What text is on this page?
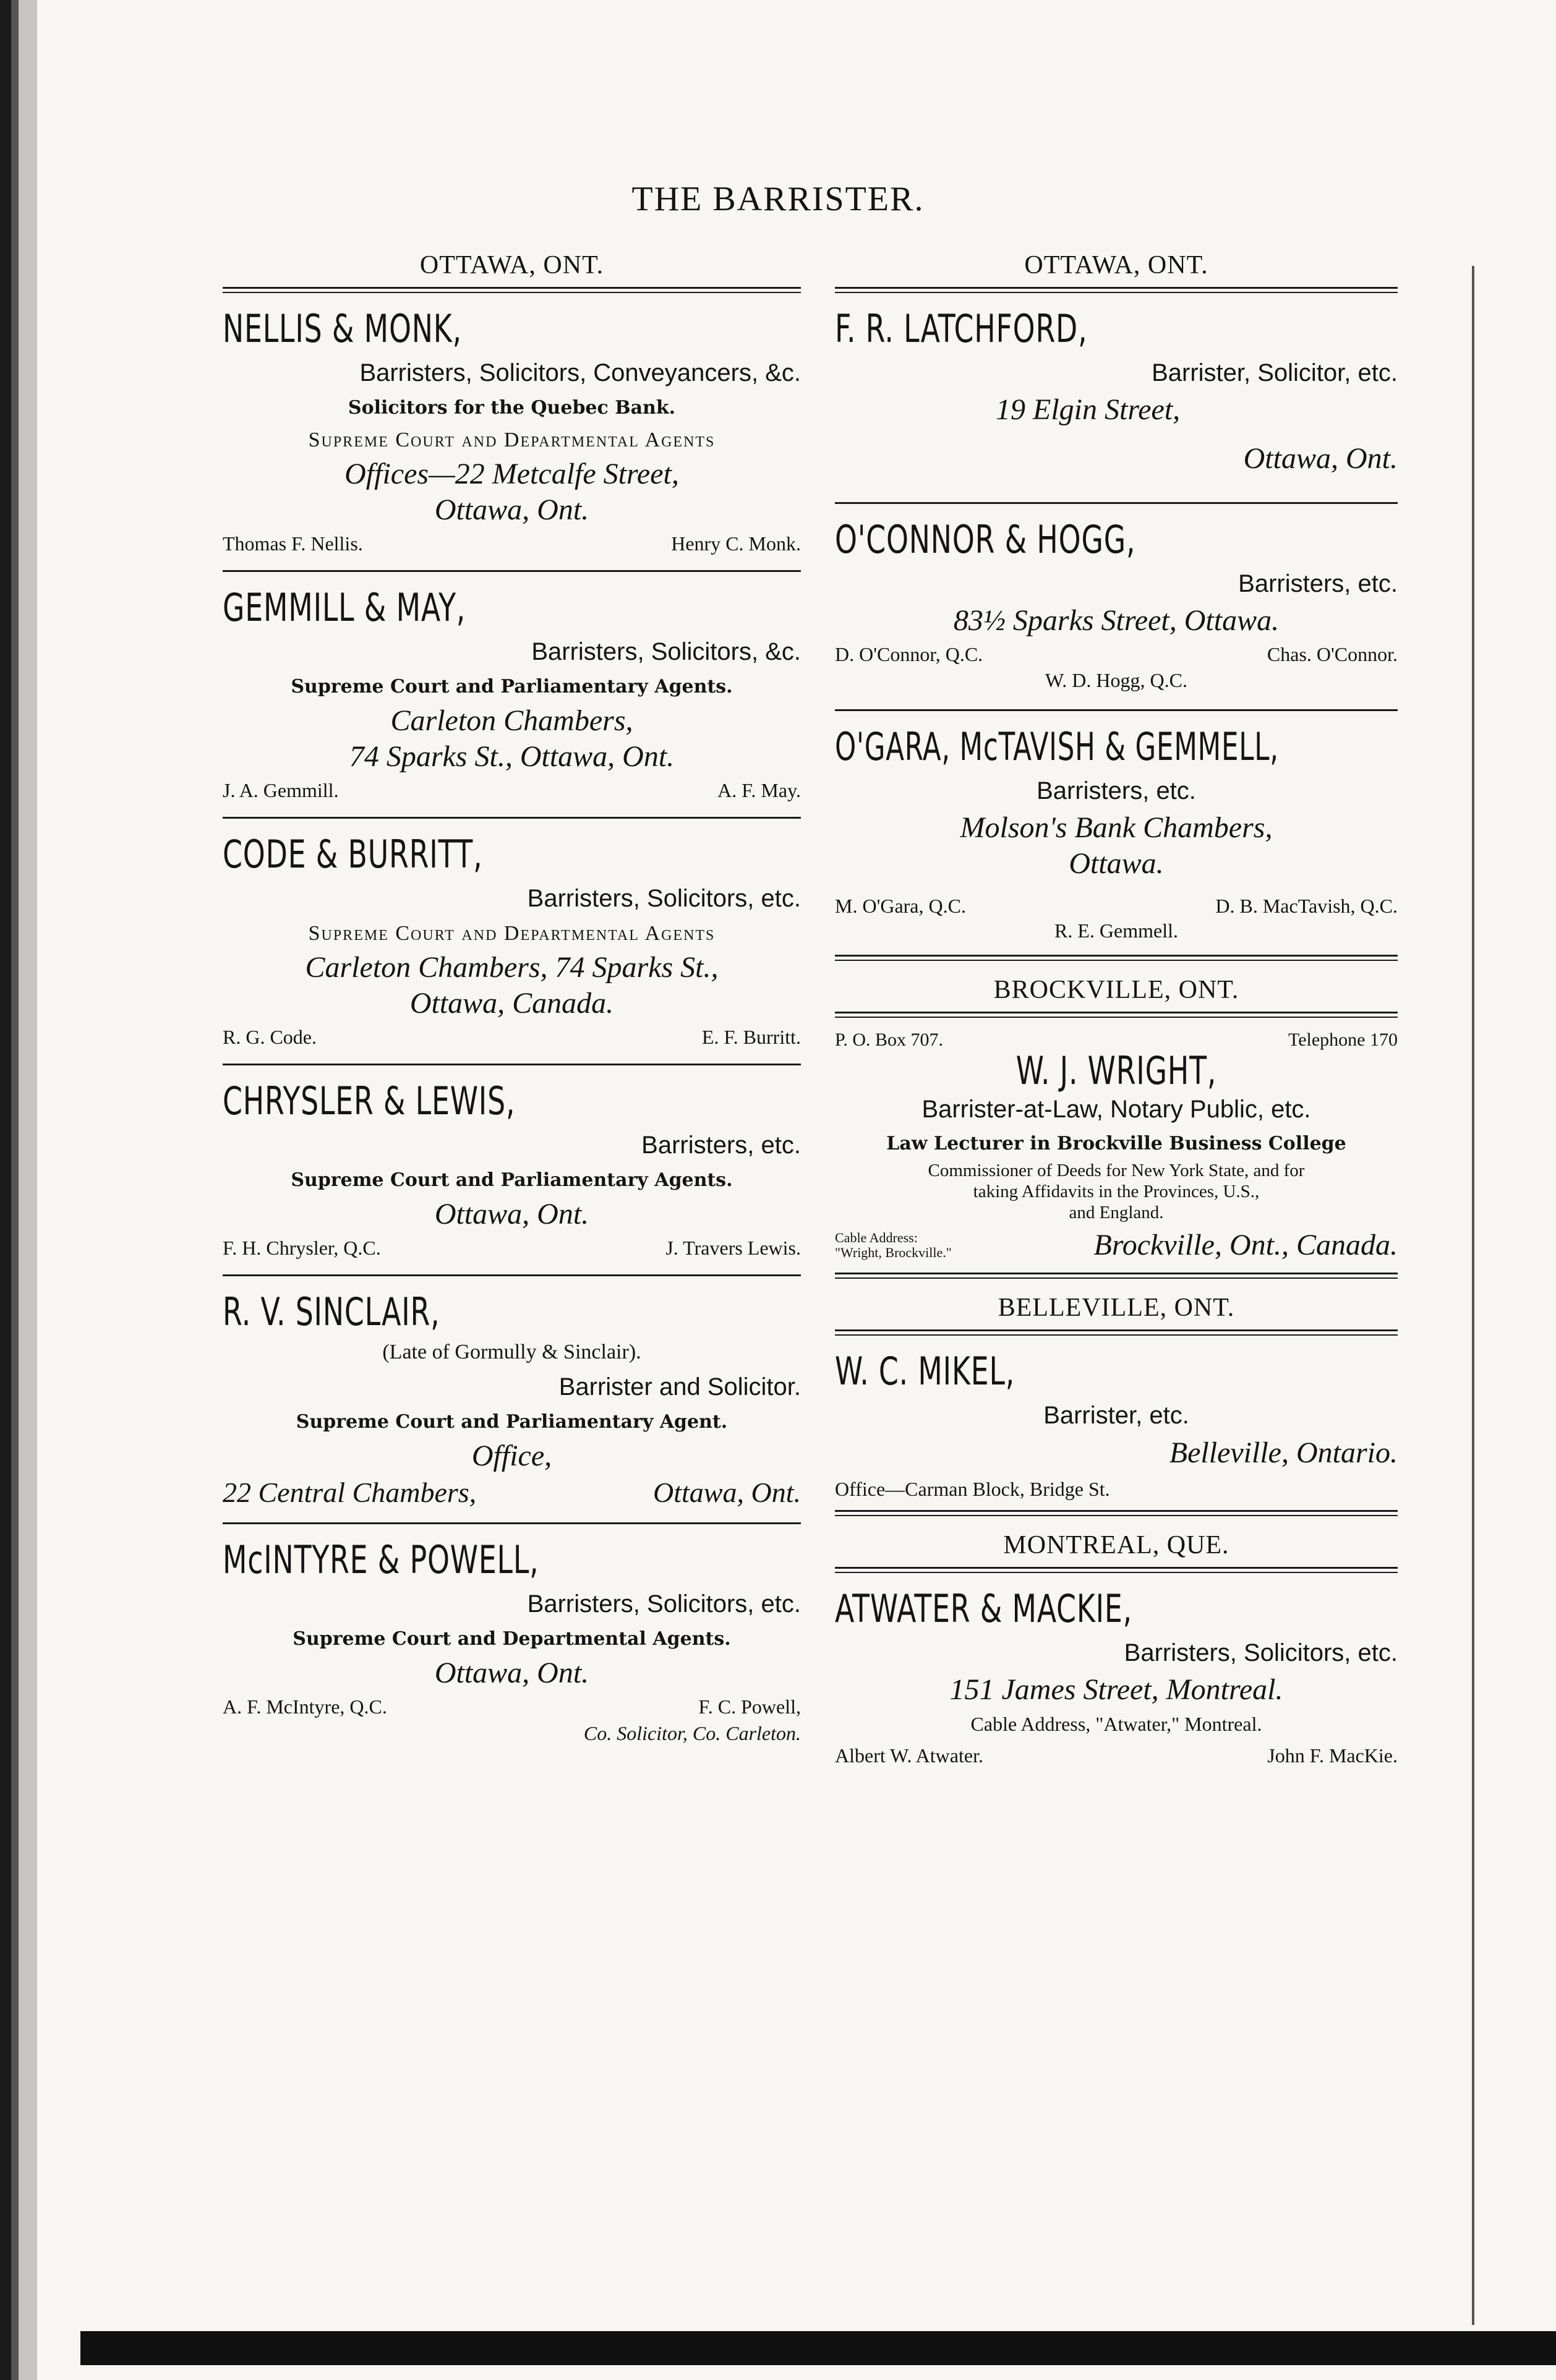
THE BARRISTER.
OTTAWA, ONT.
NELLIS & MONK,
Barristers, Solicitors, Conveyancers, &c.
Solicitors for the Quebec Bank.
Supreme Court and Departmental Agents
Offices—22 Metcalfe Street,
Ottawa, Ont.
Thomas F. Nellis.	Henry C. Monk.
GEMMILL & MAY,
Barristers, Solicitors, &c.
Supreme Court and Parliamentary Agents.
Carleton Chambers,
74 Sparks St., Ottawa, Ont.
J. A. Gemmill.	A. F. May.
CODE & BURRITT,
Barristers, Solicitors, etc.
Supreme Court and Departmental Agents
Carleton Chambers, 74 Sparks St.,
Ottawa, Canada.
R. G. Code.	E. F. Burritt.
CHRYSLER & LEWIS,
Barristers, etc.
Supreme Court and Parliamentary Agents.
Ottawa, Ont.
F. H. Chrysler, Q.C.	J. Travers Lewis.
R. V. SINCLAIR,
(Late of Gormully & Sinclair).
Barrister and Solicitor.
Supreme Court and Parliamentary Agent.
Office,
22 Central Chambers,	Ottawa, Ont.
McINTYRE & POWELL,
Barristers, Solicitors, etc.
Supreme Court and Departmental Agents.
Ottawa, Ont.
A. F. McIntyre, Q.C.	F. C. Powell,
Co. Solicitor, Co. Carleton.
OTTAWA, ONT.
F. R. LATCHFORD,
Barrister, Solicitor, etc.
19 Elgin Street,
Ottawa, Ont.
O'CONNOR & HOGG,
Barristers, etc.
83½ Sparks Street, Ottawa.
D. O'Connor, Q.C.	Chas. O'Connor.
W. D. Hogg, Q.C.
O'GARA, McTAVISH & GEMMELL,
Barristers, etc.
Molson's Bank Chambers,
Ottawa.
M. O'Gara, Q.C.	D. B. MacTavish, Q.C.
R. E. Gemmell.
BROCKVILLE, ONT.
P. O. Box 707.	Telephone 170
W. J. WRIGHT,
Barrister-at-Law, Notary Public, etc.
Law Lecturer in Brockville Business College
Commissioner of Deeds for New York State, and for
taking Affidavits in the Provinces, U.S.,
and England.
Cable Address:
"Wright, Brockville."	Brockville, Ont., Canada.
BELLEVILLE, ONT.
W. C. MIKEL,
Barrister, etc.
Belleville, Ontario.
Office—Carman Block, Bridge St.
MONTREAL, QUE.
ATWATER & MACKIE,
Barristers, Solicitors, etc.
151 James Street, Montreal.
Cable Address, "Atwater," Montreal.
Albert W. Atwater.	John F. MacKie.
